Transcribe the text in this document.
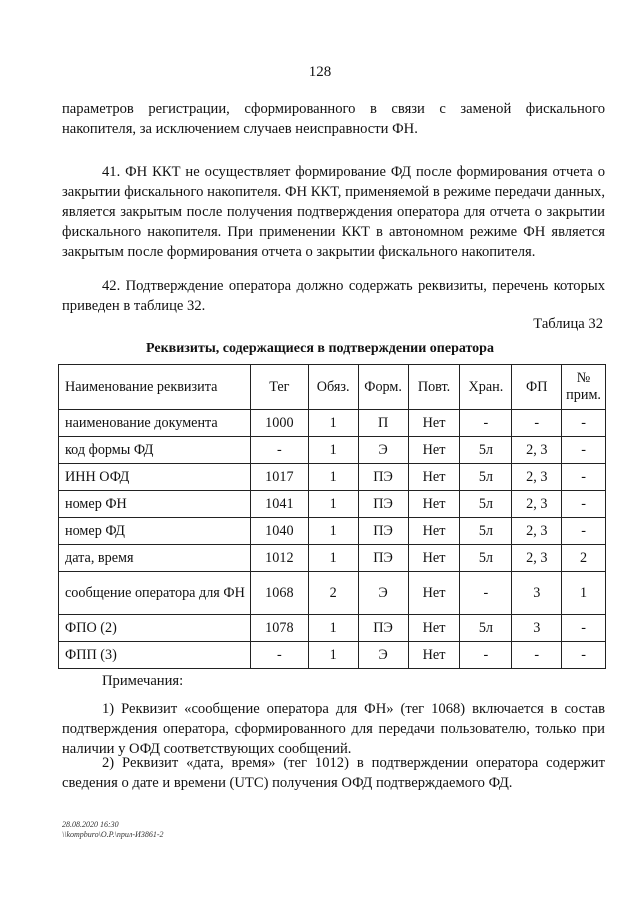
128

параметров регистрации, сформированного в связи с заменой фискального накопителя, за исключением случаев неисправности ФН.

41. ФН ККТ не осуществляет формирование ФД после формирования отчета о закрытии фискального накопителя. ФН ККТ, применяемой в режиме передачи данных, является закрытым после получения подтверждения оператора для отчета о закрытии фискального накопителя. При применении ККТ в автономном режиме ФН является закрытым после формирования отчета о закрытии фискального накопителя.

42. Подтверждение оператора должно содержать реквизиты, перечень которых приведен в таблице 32.

Таблица 32
Реквизиты, содержащиеся в подтверждении оператора
Наименование реквизита	Тег	Обяз.	Форм.	Повт.	Хран.	ФП	№ прим.
наименование документа	1000	1	П	Нет	-	-	-
код формы ФД	-	1	Э	Нет	5л	2, 3	-
ИНН ОФД	1017	1	ПЭ	Нет	5л	2, 3	-
номер ФН	1041	1	ПЭ	Нет	5л	2, 3	-
номер ФД	1040	1	ПЭ	Нет	5л	2, 3	-
дата, время	1012	1	ПЭ	Нет	5л	2, 3	2
сообщение оператора для ФН	1068	2	Э	Нет	-	3	1
ФПО (2)	1078	1	ПЭ	Нет	5л	3	-
ФПП (3)	-	1	Э	Нет	-	-	-
Примечания:

1) Реквизит «сообщение оператора для ФН» (тег 1068) включается в состав подтверждения оператора, сформированного для передачи пользователю, только при наличии у ОФД соответствующих сообщений.

2) Реквизит «дата, время» (тег 1012) в подтверждении оператора содержит сведения о дате и времени (UTC) получения ОФД подтверждаемого ФД.

28.08.2020 16:30
\\kompburo\О.Р.\прил-И3861-2
